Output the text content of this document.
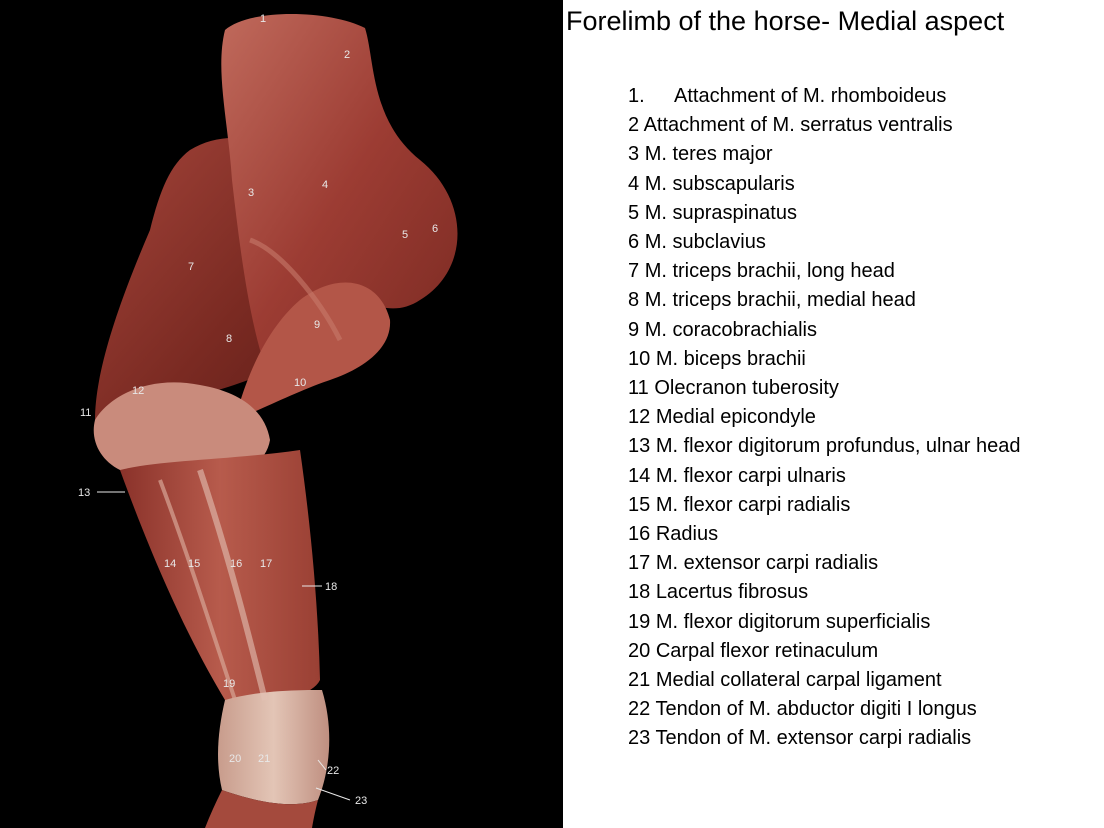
1
2
3
4
5 6
7
8
9
10
11
12
13
14 15	16 17
18
19
20 21
22
23
Forelimb of the horse- Medial aspect
1. Attachment of M. rhomboideus
2 Attachment of M. serratus ventralis
3 M. teres major
4 M. subscapularis
5 M. supraspinatus
6 M. subclavius
7 M. triceps brachii, long head
8 M. triceps brachii, medial head
9 M. coracobrachialis
10 M. biceps brachii
11 Olecranon tuberosity
12 Medial epicondyle
13 M. flexor digitorum profundus, ulnar head
14 M. flexor carpi ulnaris
15 M. flexor carpi radialis
16 Radius
17 M. extensor carpi radialis
18 Lacertus fibrosus
19 M. flexor digitorum superficialis
20 Carpal flexor retinaculum
21 Medial collateral carpal ligament
22 Tendon of M. abductor digiti I longus
23 Tendon of M. extensor carpi radialis
